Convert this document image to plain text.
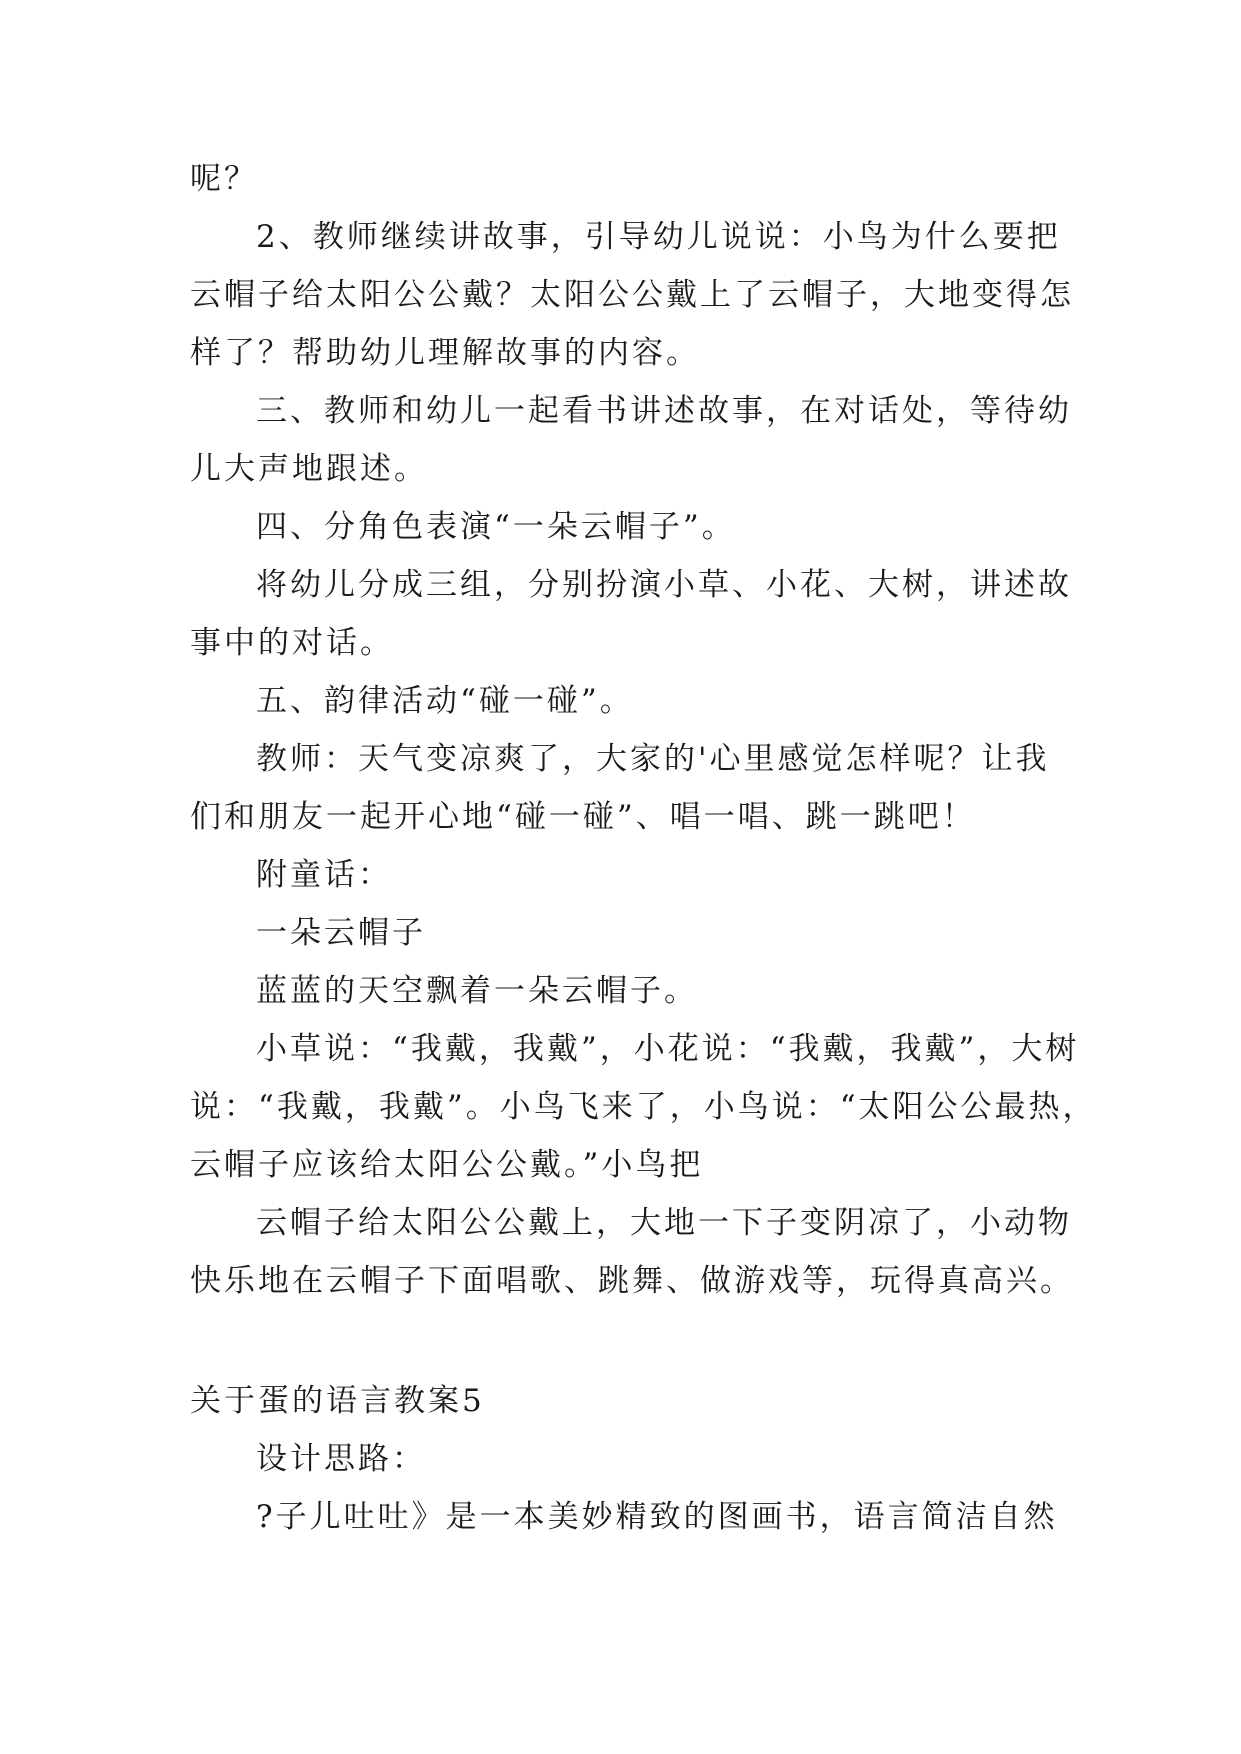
呢？
2、教师继续讲故事，引导幼儿说说：小鸟为什么要把
云帽子给太阳公公戴？太阳公公戴上了云帽子，大地变得怎
样了？帮助幼儿理解故事的内容。
三、教师和幼儿一起看书讲述故事，在对话处，等待幼
儿大声地跟述。
四、分角色表演“一朵云帽子”。
将幼儿分成三组，分别扮演小草、小花、大树，讲述故
事中的对话。
五、韵律活动“碰一碰”。
教师：天气变凉爽了，大家的'心里感觉怎样呢？让我
们和朋友一起开心地“碰一碰”、唱一唱、跳一跳吧！
附童话：
一朵云帽子
蓝蓝的天空飘着一朵云帽子。
小草说：“我戴，我戴”，小花说：“我戴，我戴”，大树
说：“我戴，我戴”。小鸟飞来了，小鸟说：“太阳公公最热，
云帽子应该给太阳公公戴。”小鸟把
云帽子给太阳公公戴上，大地一下子变阴凉了，小动物
快乐地在云帽子下面唱歌、跳舞、做游戏等，玩得真高兴。
关于蛋的语言教案5
设计思路：
?子儿吐吐》是一本美妙精致的图画书，语言简洁自然
